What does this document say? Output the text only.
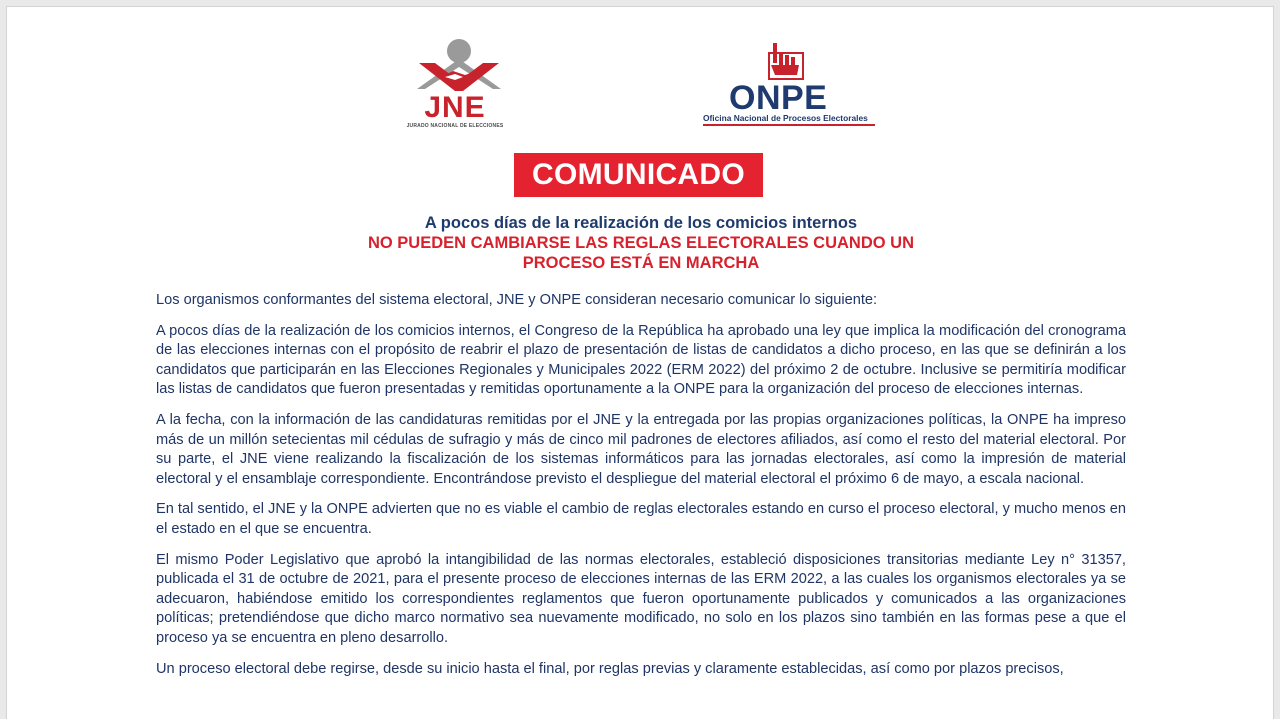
JNE
JURADO NACIONAL DE ELECCIONES
ONPE
Oficina Nacional de Procesos Electorales
COMUNICADO
A pocos días de la realización de los comicios internos
NO PUEDEN CAMBIARSE LAS REGLAS ELECTORALES CUANDO UN
PROCESO ESTÁ EN MARCHA

Los organismos conformantes del sistema electoral, JNE y ONPE consideran necesario comunicar lo siguiente:

A pocos días de la realización de los comicios internos, el Congreso de la República ha aprobado una ley que implica la modificación del cronograma de las elecciones internas con el propósito de reabrir el plazo de presentación de listas de candidatos a dicho proceso, en las que se definirán a los candidatos que participarán en las Elecciones Regionales y Municipales 2022 (ERM 2022) del próximo 2 de octubre. Inclusive se permitiría modificar las listas de candidatos que fueron presentadas y remitidas oportunamente a la ONPE para la organización del proceso de elecciones internas.

A la fecha, con la información de las candidaturas remitidas por el JNE y la entregada por las propias organizaciones políticas, la ONPE ha impreso más de un millón setecientas mil cédulas de sufragio y más de cinco mil padrones de electores afiliados, así como el resto del material electoral. Por su parte, el JNE viene realizando la fiscalización de los sistemas informáticos para las jornadas electorales, así como la impresión de material electoral y el ensamblaje correspondiente. Encontrándose previsto el despliegue del material electoral el próximo 6 de mayo, a escala nacional.

En tal sentido, el JNE y la ONPE advierten que no es viable el cambio de reglas electorales estando en curso el proceso electoral, y mucho menos en el estado en el que se encuentra.

El mismo Poder Legislativo que aprobó la intangibilidad de las normas electorales, estableció disposiciones transitorias mediante Ley n° 31357, publicada el 31 de octubre de 2021, para el presente proceso de elecciones internas de las ERM 2022, a las cuales los organismos electorales ya se adecuaron, habiéndose emitido los correspondientes reglamentos que fueron oportunamente publicados y comunicados a las organizaciones políticas; pretendiéndose que dicho marco normativo sea nuevamente modificado, no solo en los plazos sino también en las formas pese a que el proceso ya se encuentra en pleno desarrollo.

Un proceso electoral debe regirse, desde su inicio hasta el final, por reglas previas y claramente establecidas, así como por plazos precisos,
